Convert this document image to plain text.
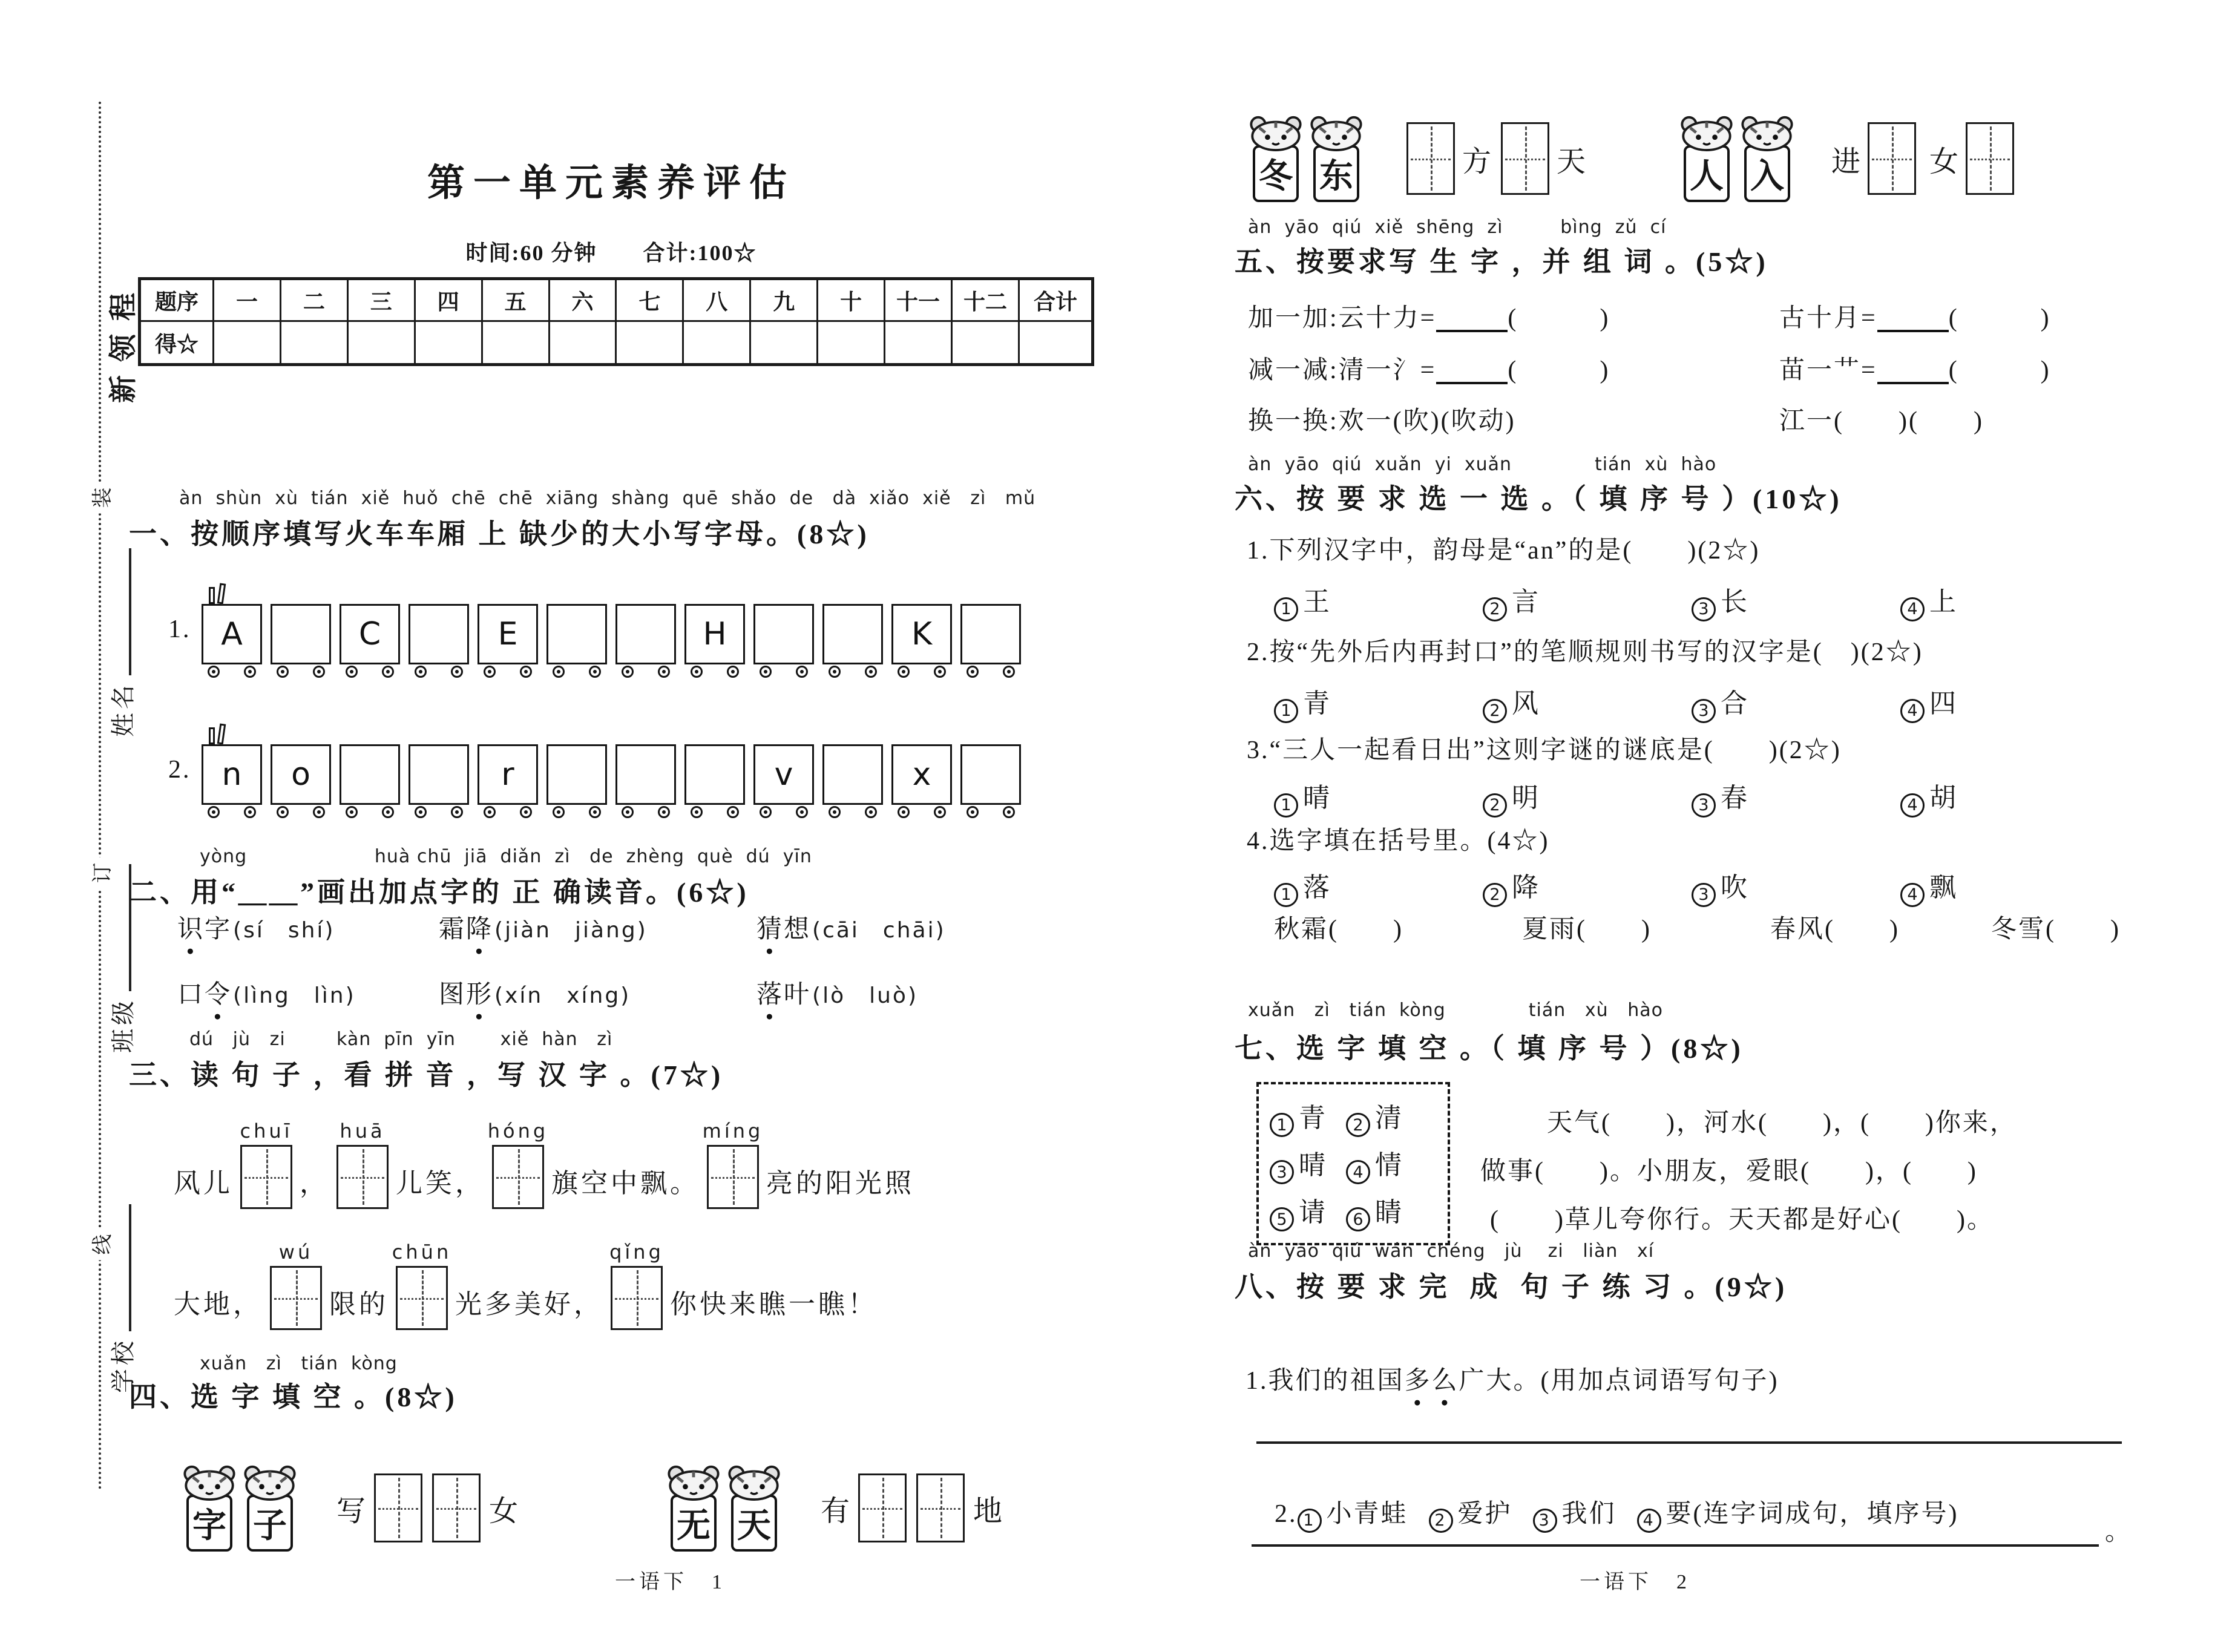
装
订
线
学校
班级
姓名
新领程
第一单元素养评估
时间:60 分钟　　合计:100☆
题序	一	二	三	四	五	六	七	八	九	十	十一	十二	合计
得☆													
àn  shùn  xù  tián  xiě  huǒ  chē  chē  xiāng  shàng  quē  shǎo  de   dà  xiǎo  xiě   zì   mǔ
一、按顺序填写火车车厢 上 缺少的大小写字母。(8☆)
1. A	C	E	H	K
2. n	o	r	v	x
yòng                    huà chū  jiā  diǎn  zì   de  zhèng  què  dú  yīn
二、用“＿＿”画出加点字的 正 确读音。(6☆)
识字(sí　shí)	霜降(jiàn　jiàng)	猜想(cāi　chāi)
口令(lìng　lìn)	图形(xín　xíng)	落叶(lò　luò)
dú   jù   zi        kàn  pīn  yīn       xiě  hàn   zì
三、读 句 子 ，看 拼 音 ，写 汉 字 。(7☆)
风儿
chuī
，
huā
儿笑，
hóng
旗空中飘。
míng
亮的阳光照
大地，
wú
限的
chūn
光多美好，
qǐng
你快来瞧一瞧！
xuǎn   zì   tián  kòng
四、选 字 填 空 。(8☆)
字 子 写	女	无 天 有	地
一语下　1
冬 东	方 天	人 入 进 女
àn  yāo  qiú  xiě  shēng  zì         bìng  zǔ  cí
五、按要求写 生 字 ，并 组 词 。(5☆)
加一加:云十力=	(　　　)	古十月=	(　　　)
减一减:清一氵=	(　　　)	苗一艹=	(　　　)
换一换:欢一(吹)(吹动)	江一(　　)(　　)
àn  yāo  qiú  xuǎn  yi  xuǎn             tián  xù  hào
六、按 要 求 选 一 选 。（ 填 序 号 ）(10☆)
1.下列汉字中，韵母是“an”的是(　　)(2☆)
1 王	2 言	3 长	4 上
2.按“先外后内再封口”的笔顺规则书写的汉字是(　)(2☆)
1 青	2 风	3 合	4 四
3.“三人一起看日出”这则字谜的谜底是(　　)(2☆)
1 晴	2 明	3 春	4 胡
4.选字填在括号里。(4☆)
1 落	2 降	3 吹	4 飘
秋霜(　　)	夏雨(　　)	春风(　　)	冬雪(　　)
xuǎn   zì   tián  kòng             tián   xù   hào
七、选 字 填 空 。（ 填 序 号 ）(8☆)
1 青	2 清
3 晴	4 情
5 请	6 睛
天气(　　)，河水(　　)，(　　)你来，
做事(　　)。小朋友，爱眼(　　)，(　　)
(　　)草儿夸你行。天天都是好心(　　)。
àn  yāo  qiú  wán  chéng   jù    zi   liàn   xí
八、按 要 求 完  成  句 子 练 习 。(9☆)
1.我们的祖国多么广大。(用加点词语写句子)

2. 1 小青蛙 2 爱护 3 我们 4 要(连字词成句，填序号)

。
一语下　2
